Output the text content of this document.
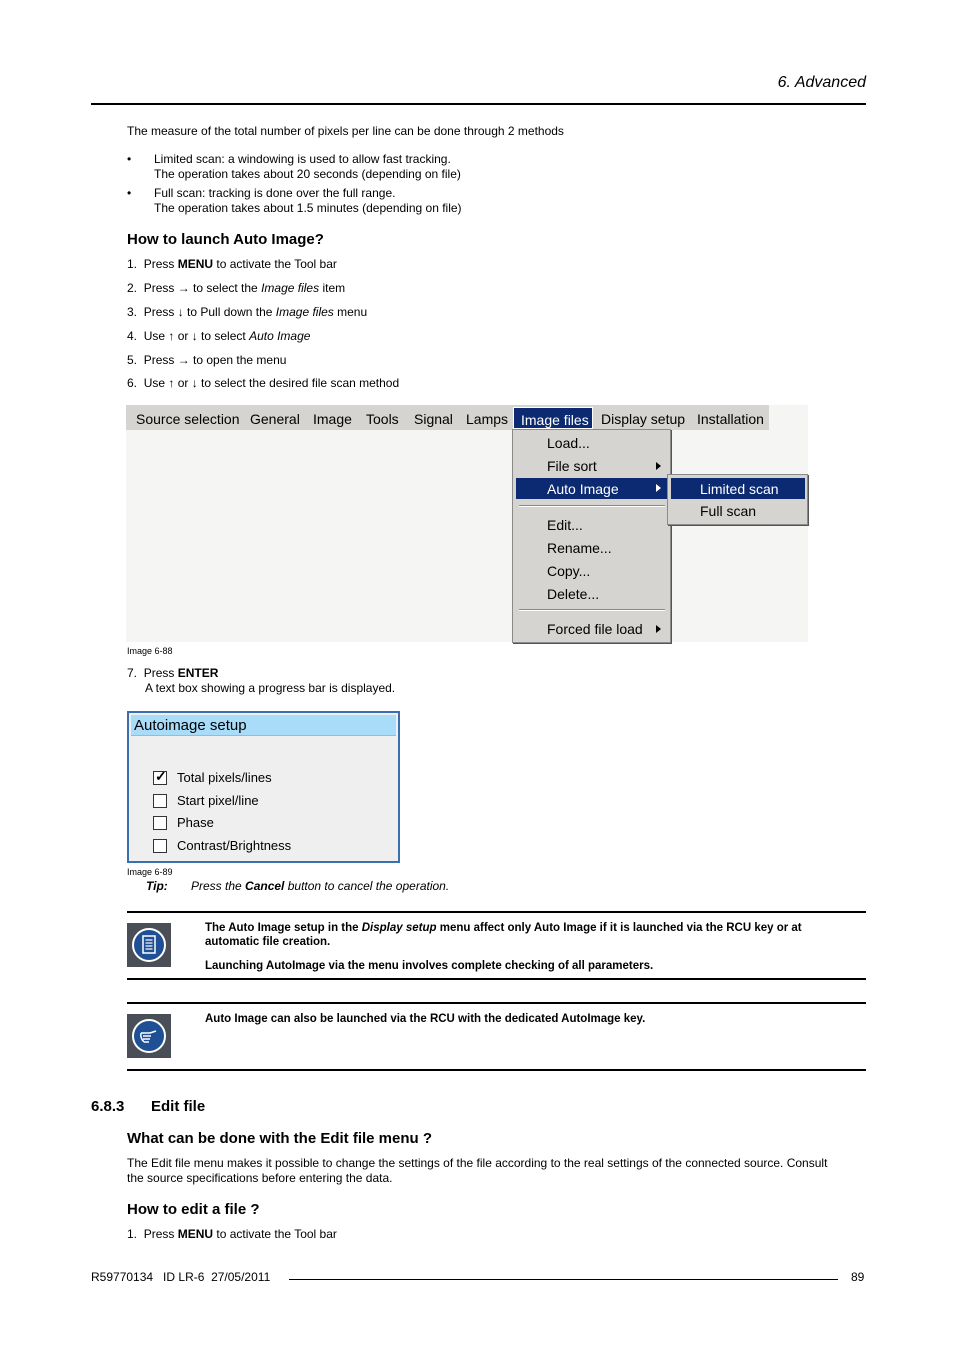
6. Advanced
The measure of the total number of pixels per line can be done through 2 methods
• Limited scan: a windowing is used to allow fast tracking.
The operation takes about 20 seconds (depending on file)
• Full scan: tracking is done over the full range.
The operation takes about 1.5 minutes (depending on file)
How to launch Auto Image?
1. Press MENU to activate the Tool bar
2. Press → to select the Image files item
3. Press ↓ to Pull down the Image files menu
4. Use ↑ or ↓ to select Auto Image
5. Press → to open the menu
6. Use ↑ or ↓ to select the desired file scan method
Source selection General Image Tools Signal Lamps Image files Display setup Installation
Load...
File sort
Auto Image
Edit...
Rename...
Copy...
Delete...
Forced file load
Limited scan
Full scan
Image 6-88
7. Press ENTER
A text box showing a progress bar is displayed.
Autoimage setup
✓ Total pixels/lines
Start pixel/line
Phase
Contrast/Brightness
Image 6-89
Tip: Press the Cancel button to cancel the operation.
The Auto Image setup in the Display setup menu affect only Auto Image if it is launched via the RCU key or at
automatic file creation.
Launching AutoImage via the menu involves complete checking of all parameters.
Auto Image can also be launched via the RCU with the dedicated AutoImage key.
6.8.3 Edit file
What can be done with the Edit file menu ?
The Edit file menu makes it possible to change the settings of the file according to the real settings of the connected source. Consult
the source specifications before entering the data.
How to edit a file ?
1. Press MENU to activate the Tool bar
R59770134   ID LR-6  27/05/2011	89
